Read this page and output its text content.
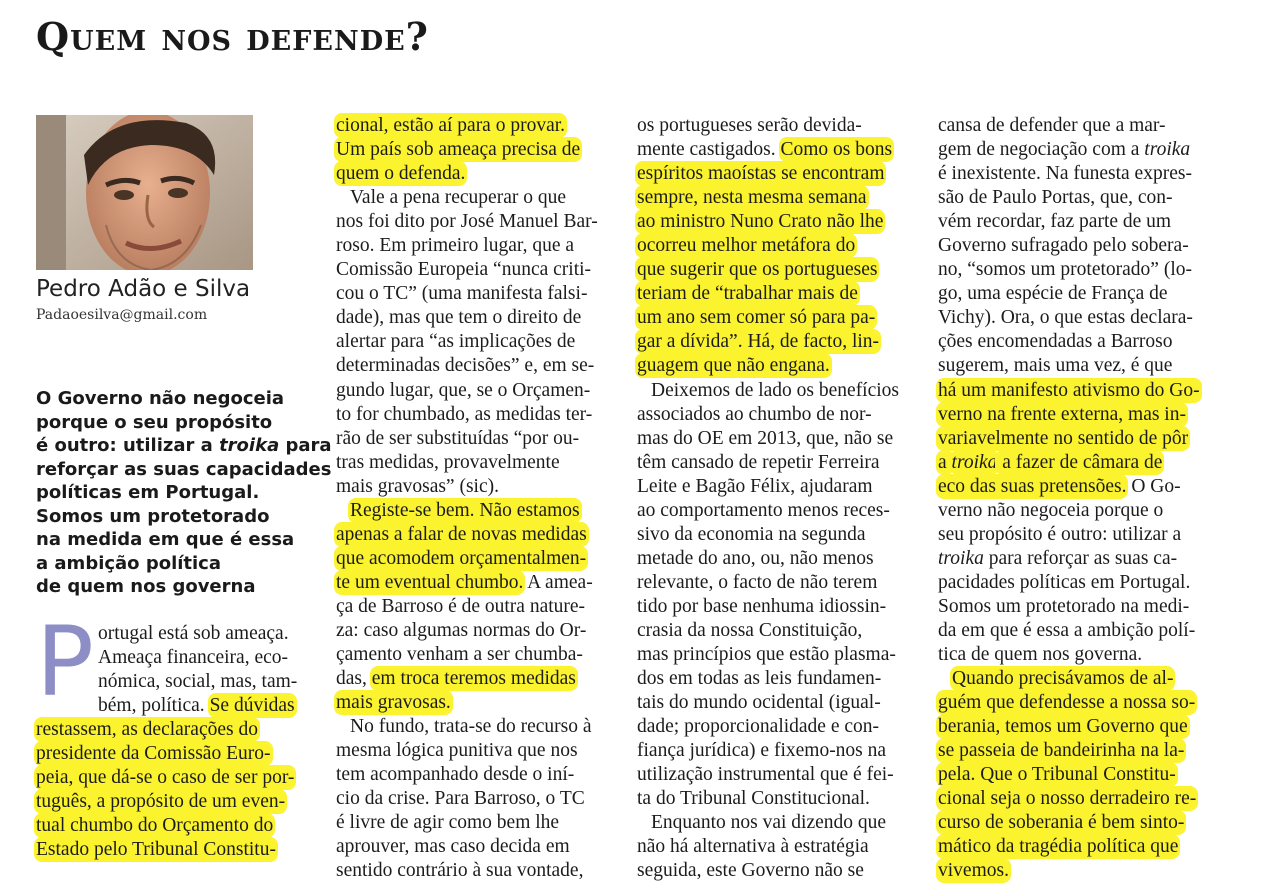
Quem nos defende?
Pedro Adão e Silva
Padaoesilva@gmail.com
O Governo não negoceia
porque o seu propósito
é outro: utilizar a troika para
reforçar as suas capacidades
políticas em Portugal.
Somos um protetorado
na medida em que é essa
a ambição política
de quem nos governa
P ortugal está sob ameaça.
Ameaça financeira, eco-
nómica, social, mas, tam-
bém, política. Se dúvidas
restassem, as declarações do
presidente da Comissão Euro-
peia, que dá-se o caso de ser por-
tuguês, a propósito de um even-
tual chumbo do Orçamento do
Estado pelo Tribunal Constitu-
cional, estão aí para o provar.
Um país sob ameaça precisa de
quem o defenda.
Vale a pena recuperar o que
nos foi dito por José Manuel Bar-
roso. Em primeiro lugar, que a
Comissão Europeia “nunca criti-
cou o TC” (uma manifesta falsi-
dade), mas que tem o direito de
alertar para “as implicações de
determinadas decisões” e, em se-
gundo lugar, que, se o Orçamen-
to for chumbado, as medidas ter-
rão de ser substituídas “por ou-
tras medidas, provavelmente
mais gravosas” (sic).
Registe-se bem. Não estamos
apenas a falar de novas medidas
que acomodem orçamentalmen-
te um eventual chumbo. A amea-
ça de Barroso é de outra nature-
za: caso algumas normas do Or-
çamento venham a ser chumba-
das, em troca teremos medidas
mais gravosas.
No fundo, trata-se do recurso à
mesma lógica punitiva que nos
tem acompanhado desde o iní-
cio da crise. Para Barroso, o TC
é livre de agir como bem lhe
aprouver, mas caso decida em
sentido contrário à sua vontade,
os portugueses serão devida-
mente castigados. Como os bons
espíritos maoístas se encontram
sempre, nesta mesma semana
ao ministro Nuno Crato não lhe
ocorreu melhor metáfora do
que sugerir que os portugueses
teriam de “trabalhar mais de
um ano sem comer só para pa-
gar a dívida”. Há, de facto, lin-
guagem que não engana.
Deixemos de lado os benefícios
associados ao chumbo de nor-
mas do OE em 2013, que, não se
têm cansado de repetir Ferreira
Leite e Bagão Félix, ajudaram
ao comportamento menos reces-
sivo da economia na segunda
metade do ano, ou, não menos
relevante, o facto de não terem
tido por base nenhuma idiossin-
crasia da nossa Constituição,
mas princípios que estão plasma-
dos em todas as leis fundamen-
tais do mundo ocidental (igual-
dade; proporcionalidade e con-
fiança jurídica) e fixemo-nos na
utilização instrumental que é fei-
ta do Tribunal Constitucional.
Enquanto nos vai dizendo que
não há alternativa à estratégia
seguida, este Governo não se
cansa de defender que a mar-
gem de negociação com a troika
é inexistente. Na funesta expres-
são de Paulo Portas, que, con-
vém recordar, faz parte de um
Governo sufragado pelo sobera-
no, “somos um protetorado” (lo-
go, uma espécie de França de
Vichy). Ora, o que estas declara-
ções encomendadas a Barroso
sugerem, mais uma vez, é que
há um manifesto ativismo do Go-
verno na frente externa, mas in-
variavelmente no sentido de pôr
a troika a fazer de câmara de
eco das suas pretensões. O Go-
verno não negoceia porque o
seu propósito é outro: utilizar a
troika para reforçar as suas ca-
pacidades políticas em Portugal.
Somos um protetorado na medi-
da em que é essa a ambição polí-
tica de quem nos governa.
Quando precisávamos de al-
guém que defendesse a nossa so-
berania, temos um Governo que
se passeia de bandeirinha na la-
pela. Que o Tribunal Constitu-
cional seja o nosso derradeiro re-
curso de soberania é bem sinto-
mático da tragédia política que
vivemos.
